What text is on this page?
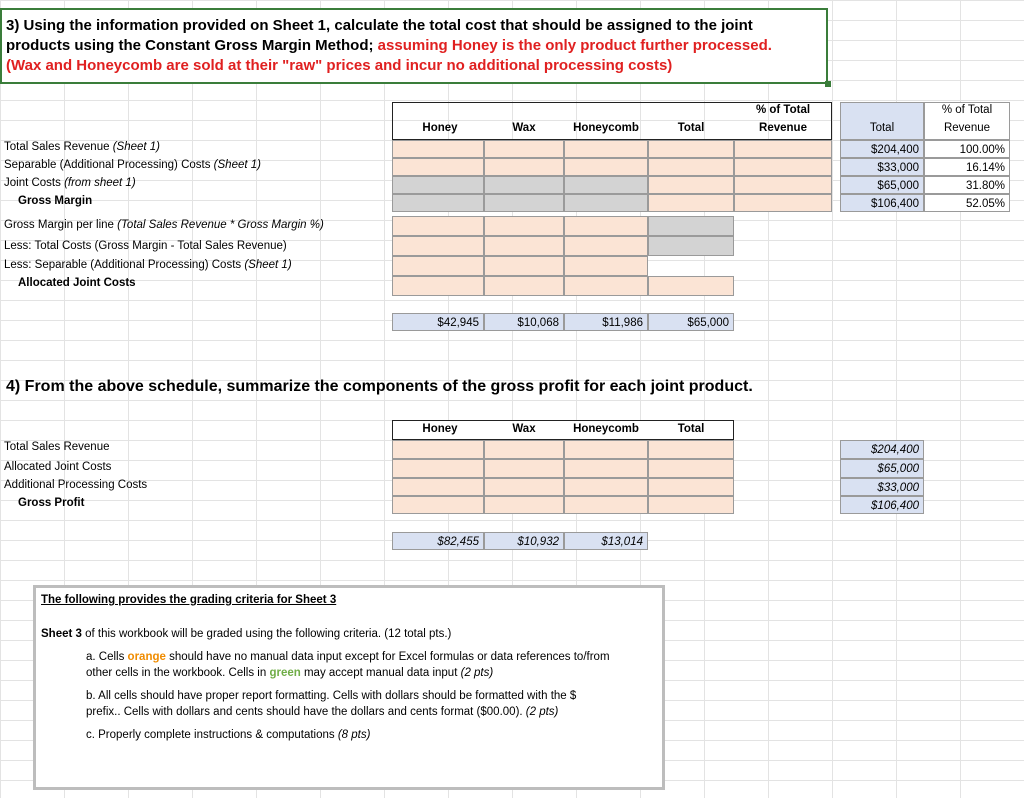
3) Using the information provided on Sheet 1, calculate the total cost that should be assigned to the joint
products using the Constant Gross Margin Method; assuming Honey is the only product further processed.
(Wax and Honeycomb are sold at their "raw" prices and incur no additional processing costs)
Honey	Wax	Honeycomb	Total
% of Total
Revenue
Total Sales Revenue (Sheet 1)
Separable (Additional Processing) Costs (Sheet 1)
Joint Costs (from sheet 1)
Gross Margin
Gross Margin per line (Total Sales Revenue * Gross Margin %)
Less: Total Costs (Gross Margin - Total Sales Revenue)
Less: Separable (Additional Processing) Costs (Sheet 1)
Allocated Joint Costs
$42,945	$10,068	$11,986	$65,000
Total
% of Total
Revenue
$204,400	100.00%
$33,000	16.14%
$65,000	31.80%
$106,400	52.05%
4) From the above schedule, summarize the components of the gross profit for each joint product.
Honey	Wax	Honeycomb	Total
Total Sales Revenue
Allocated Joint Costs
Additional Processing Costs
Gross Profit
$82,455	$10,932	$13,014
$204,400
$65,000
$33,000
$106,400
The following provides the grading criteria for Sheet 3
Sheet 3 of this workbook will be graded using the following criteria. (12 total pts.)
a. Cells orange should have no manual data input except for Excel formulas or data references to/from
other cells in the workbook. Cells in green may accept manual data input (2 pts)
b. All cells should have proper report formatting. Cells with dollars should be formatted with the $
prefix.. Cells with dollars and cents should have the dollars and cents format ($00.00). (2 pts)
c. Properly complete instructions & computations (8 pts)
